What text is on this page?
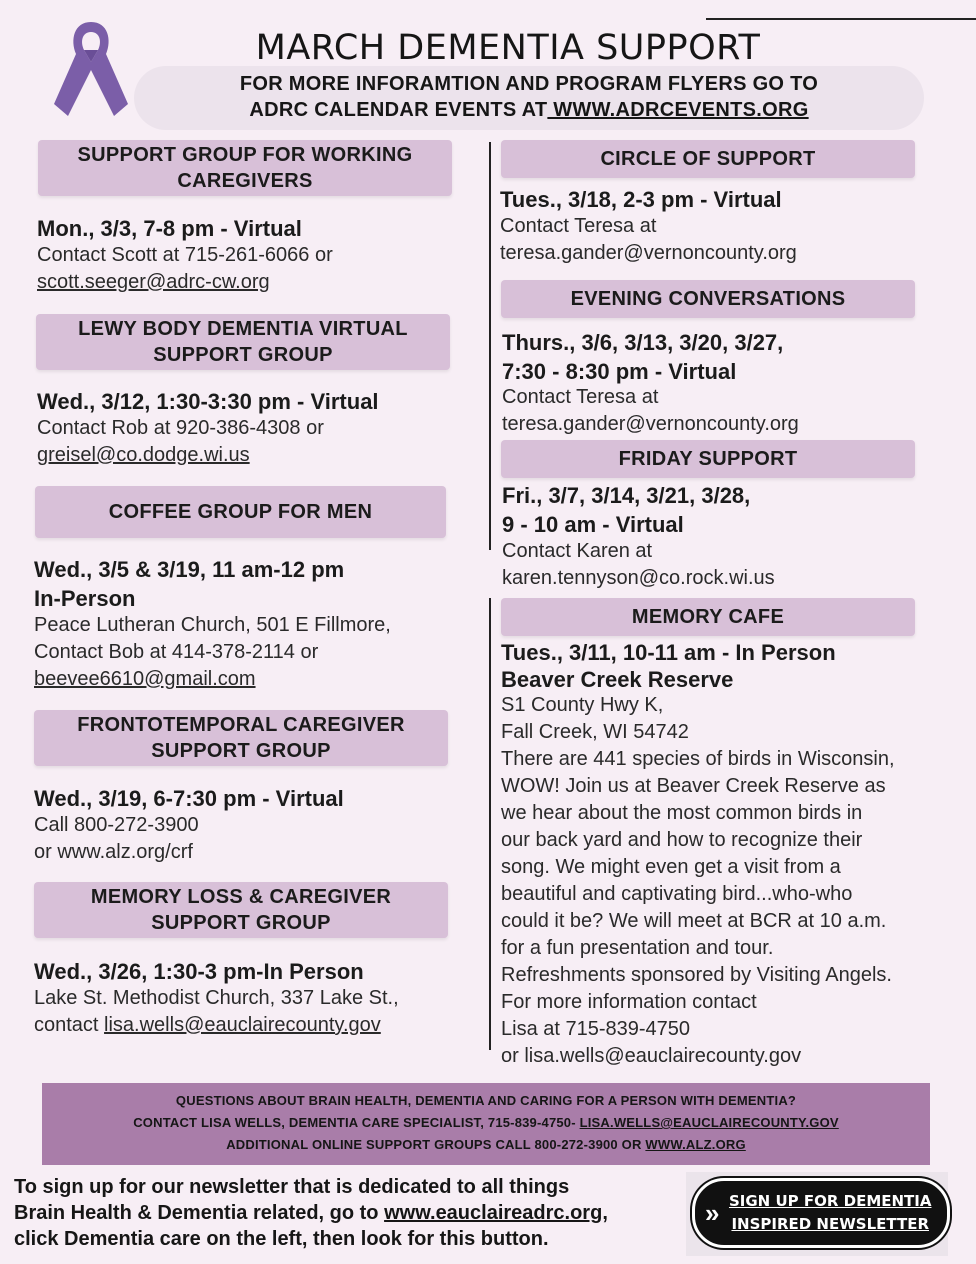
MARCH DEMENTIA SUPPORT
FOR MORE INFORAMTION AND PROGRAM FLYERS GO TO
ADRC CALENDAR EVENTS AT WWW.ADRCEVENTS.ORG
SUPPORT GROUP FOR WORKING
CAREGIVERS
Mon., 3/3, 7-8 pm - Virtual
Contact Scott at 715-261-6066 or
scott.seeger@adrc-cw.org
LEWY BODY DEMENTIA VIRTUAL
SUPPORT GROUP
Wed., 3/12, 1:30-3:30 pm - Virtual
Contact Rob at 920-386-4308 or
greisel@co.dodge.wi.us
COFFEE GROUP FOR MEN
Wed., 3/5 & 3/19, 11 am-12 pm
In-Person
Peace Lutheran Church, 501 E Fillmore,
Contact Bob at 414-378-2114 or
beevee6610@gmail.com
FRONTOTEMPORAL CAREGIVER
SUPPORT GROUP
Wed., 3/19, 6-7:30 pm - Virtual
Call 800-272-3900
or www.alz.org/crf
MEMORY LOSS & CAREGIVER
SUPPORT GROUP
Wed., 3/26, 1:30-3 pm-In Person
Lake St. Methodist Church, 337 Lake St.,
contact lisa.wells@eauclairecounty.gov
CIRCLE OF SUPPORT
Tues., 3/18, 2-3 pm - Virtual
Contact Teresa at
teresa.gander@vernoncounty.org
EVENING CONVERSATIONS
Thurs., 3/6, 3/13, 3/20, 3/27,
7:30 - 8:30 pm - Virtual
Contact Teresa at
teresa.gander@vernoncounty.org
FRIDAY SUPPORT
Fri., 3/7, 3/14, 3/21, 3/28,
9 - 10 am - Virtual
Contact Karen at
karen.tennyson@co.rock.wi.us
MEMORY CAFE
Tues., 3/11, 10-11 am - In Person
Beaver Creek Reserve
S1 County Hwy K,
Fall Creek, WI 54742
There are 441 species of birds in Wisconsin,
WOW! Join us at Beaver Creek Reserve as
we hear about the most common birds in
our back yard and how to recognize their
song. We might even get a visit from a
beautiful and captivating bird...who-who
could it be? We will meet at BCR at 10 a.m.
for a fun presentation and tour.
Refreshments sponsored by Visiting Angels.
For more information contact
Lisa at 715-839-4750
or lisa.wells@eauclairecounty.gov
QUESTIONS ABOUT BRAIN HEALTH, DEMENTIA AND CARING FOR A PERSON WITH DEMENTIA?
CONTACT LISA WELLS, DEMENTIA CARE SPECIALIST, 715-839-4750- LISA.WELLS@EAUCLAIRECOUNTY.GOV
ADDITIONAL ONLINE SUPPORT GROUPS CALL 800-272-3900 OR WWW.ALZ.ORG
To sign up for our newsletter that is dedicated to all things
Brain Health & Dementia related, go to www.eauclaireadrc.org,
click Dementia care on the left, then look for this button.
» SIGN UP FOR DEMENTIA
INSPIRED NEWSLETTER
